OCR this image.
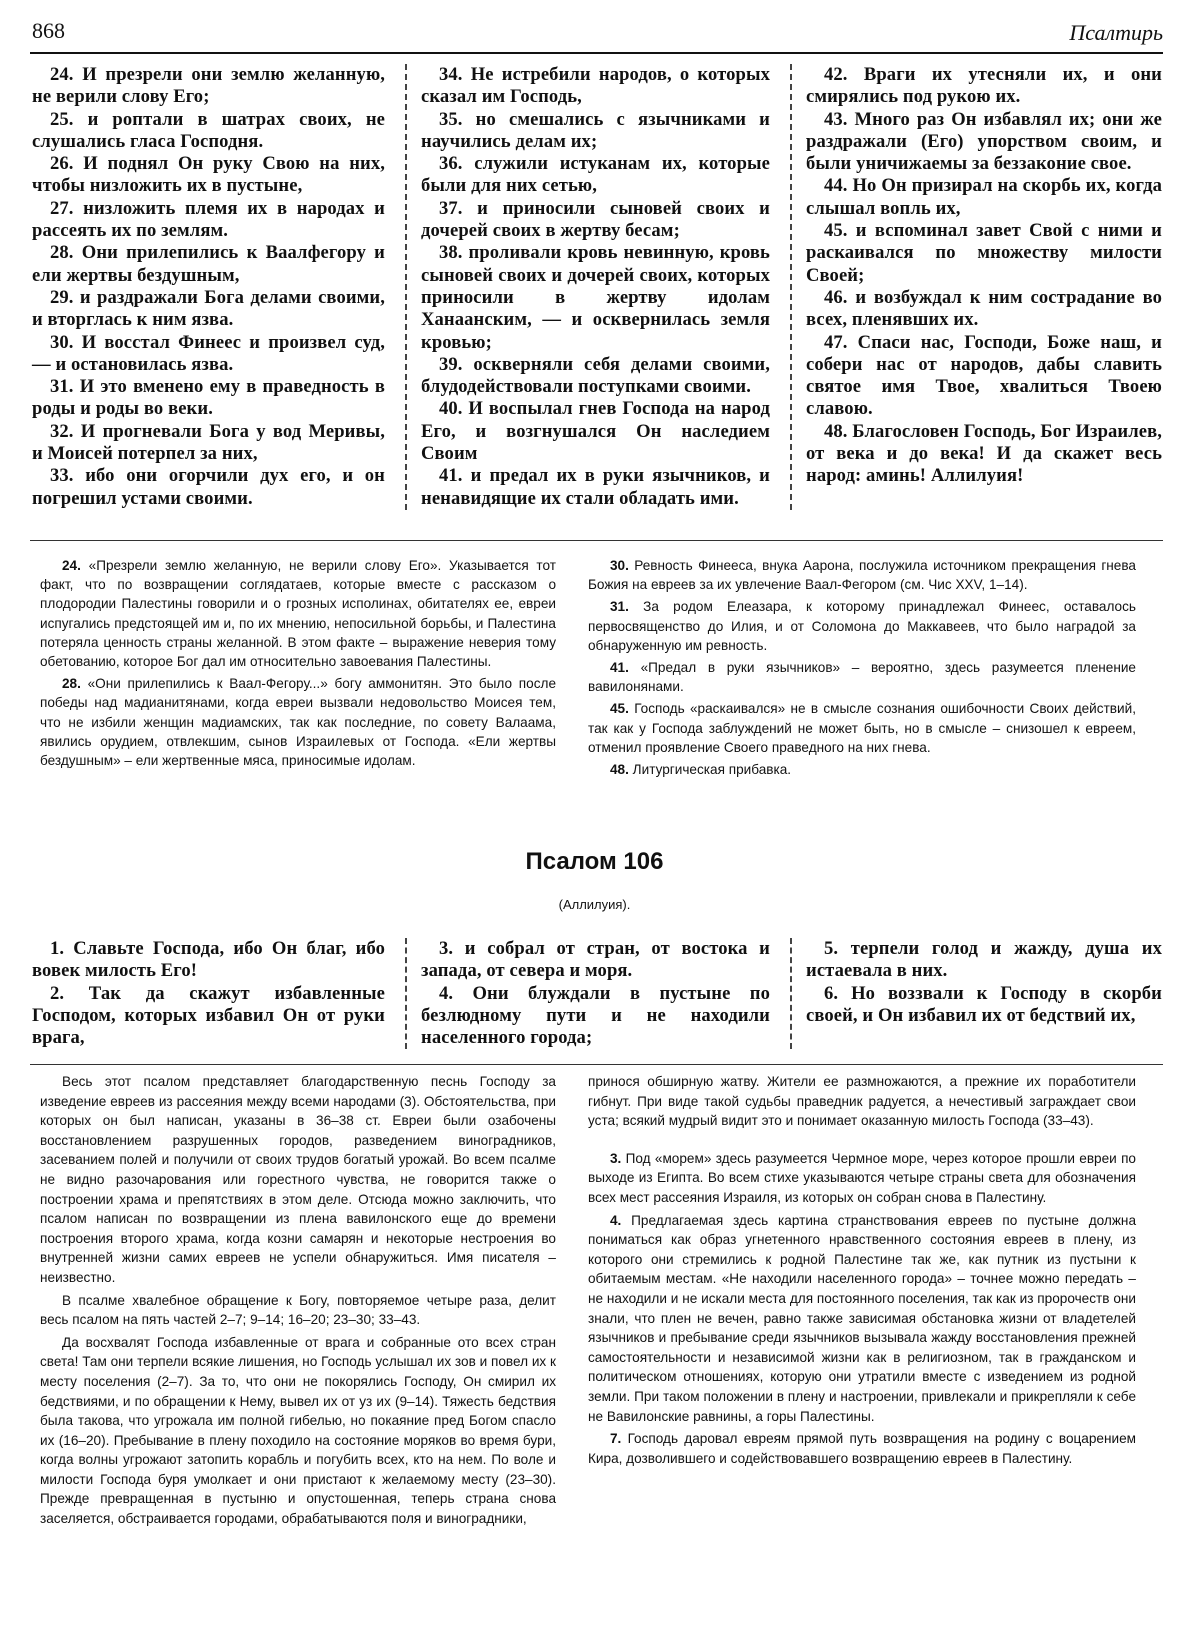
868	Псалтирь

24. И презрели они землю желанную, не верили слову Его;

25. и роптали в шатрах своих, не слушались гласа Господня.

26. И поднял Он руку Свою на них, чтобы низложить их в пустыне,

27. низложить племя их в народах и рассеять их по землям.

28. Они прилепились к Ваалфегору и ели жертвы бездушным,

29. и раздражали Бога делами своими, и вторглась к ним язва.

30. И восстал Финеес и произвел суд, — и остановилась язва.

31. И это вменено ему в праведность в роды и роды во веки.

32. И прогневали Бога у вод Меривы, и Моисей потерпел за них,

33. ибо они огорчили дух его, и он погрешил устами своими.

34. Не истребили народов, о которых сказал им Господь,

35. но смешались с язычниками и научились делам их;

36. служили истуканам их, которые были для них сетью,

37. и приносили сыновей своих и дочерей своих в жертву бесам;

38. проливали кровь невинную, кровь сыновей своих и дочерей своих, которых приносили в жертву идолам Ханаанским, — и осквернилась земля кровью;

39. оскверняли себя делами своими, блудодействовали поступками своими.

40. И воспылал гнев Господа на народ Его, и возгнушался Он наследием Своим

41. и предал их в руки язычников, и ненавидящие их стали обладать ими.

42. Враги их утесняли их, и они смирялись под рукою их.

43. Много раз Он избавлял их; они же раздражали (Его) упорством своим, и были уничижаемы за беззаконие свое.

44. Но Он призирал на скорбь их, когда слышал вопль их,

45. и вспоминал завет Свой с ними и раскаивался по множеству милости Своей;

46. и возбуждал к ним сострадание во всех, пленявших их.

47. Спаси нас, Господи, Боже наш, и собери нас от народов, дабы славить святое имя Твое, хвалиться Твоею славою.

48. Благословен Господь, Бог Израилев, от века и до века! И да скажет весь народ: аминь! Аллилуия!

24. «Презрели землю желанную, не верили слову Его». Указывается тот факт, что по возвращении соглядатаев, которые вместе с рассказом о плодородии Палестины говорили и о грозных исполинах, обитателях ее, евреи испугались предстоящей им и, по их мнению, непосильной борьбы, и Палестина потеряла ценность страны желанной. В этом факте – выражение неверия тому обетованию, которое Бог дал им относительно завоевания Палестины.

28. «Они прилепились к Ваал-Фегору...» богу аммонитян. Это было после победы над мадианитянами, когда евреи вызвали недовольство Моисея тем, что не избили женщин мадиамских, так как последние, по совету Валаама, явились орудием, отвлекшим, сынов Израилевых от Господа. «Ели жертвы бездушным» – ели жертвенные мяса, приносимые идолам.

30. Ревность Финееса, внука Аарона, послужила источником прекращения гнева Божия на евреев за их увлечение Ваал-Фегором (см. Чис XXV, 1–14).

31. За родом Елеазара, к которому принадлежал Финеес, оставалось первосвященство до Илия, и от Соломона до Маккавеев, что было наградой за обнаруженную им ревность.

41. «Предал в руки язычников» – вероятно, здесь разумеется пленение вавилонянами.

45. Господь «раскаивался» не в смысле сознания ошибочности Своих действий, так как у Господа заблуждений не может быть, но в смысле – снизошел к евреем, отменил проявление Своего праведного на них гнева.

48. Литургическая прибавка.

Псалом 106
(Аллилуия).

1. Славьте Господа, ибо Он благ, ибо вовек милость Его!

2. Так да скажут избавленные Господом, которых избавил Он от руки врага,

3. и собрал от стран, от востока и запада, от севера и моря.

4. Они блуждали в пустыне по безлюдному пути и не находили населенного города;

5. терпели голод и жажду, душа их истаевала в них.

6. Но воззвали к Господу в скорби своей, и Он избавил их от бедствий их,

Весь этот псалом представляет благодарственную песнь Господу за изведение евреев из рассеяния между всеми народами (3). Обстоятельства, при которых он был написан, указаны в 36–38 ст. Евреи были озабочены восстановлением разрушенных городов, разведением виноградников, засеванием полей и получили от своих трудов богатый урожай. Во всем псалме не видно разочарования или горестного чувства, не говорится также о построении храма и препятствиях в этом деле. Отсюда можно заключить, что псалом написан по возвращении из плена вавилонского еще до времени построения второго храма, когда козни самарян и некоторые нестроения во внутренней жизни самих евреев не успели обнаружиться. Имя писателя – неизвестно.

В псалме хвалебное обращение к Богу, повторяемое четыре раза, делит весь псалом на пять частей 2–7; 9–14; 16–20; 23–30; 33–43.

Да восхвалят Господа избавленные от врага и собранные ото всех стран света! Там они терпели всякие лишения, но Господь услышал их зов и повел их к месту поселения (2–7). За то, что они не покорялись Господу, Он смирил их бедствиями, и по обращении к Нему, вывел их от уз их (9–14). Тяжесть бедствия была такова, что угрожала им полной гибелью, но покаяние пред Богом спасло их (16–20). Пребывание в плену походило на состояние моряков во время бури, когда волны угрожают затопить корабль и погубить всех, кто на нем. По воле и милости Господа буря умолкает и они пристают к желаемому месту (23–30). Прежде превращенная в пустыню и опустошенная, теперь страна снова заселяется, обстраивается городами, обрабатываются поля и виноградники,

принося обширную жатву. Жители ее размножаются, а прежние их поработители гибнут. При виде такой судьбы праведник радуется, а нечестивый заграждает свои уста; всякий мудрый видит это и понимает оказанную милость Господа (33–43).

3. Под «морем» здесь разумеется Чермное море, через которое прошли евреи по выходе из Египта. Во всем стихе указываются четыре страны света для обозначения всех мест рассеяния Израиля, из которых он собран снова в Палестину.

4. Предлагаемая здесь картина странствования евреев по пустыне должна пониматься как образ угнетенного нравственного состояния евреев в плену, из которого они стремились к родной Палестине так же, как путник из пустыни к обитаемым местам. «Не находили населенного города» – точнее можно передать – не находили и не искали места для постоянного поселения, так как из пророчеств они знали, что плен не вечен, равно также зависимая обстановка жизни от владетелей язычников и пребывание среди язычников вызывала жажду восстановления прежней самостоятельности и независимой жизни как в религиозном, так в гражданском и политическом отношениях, которую они утратили вместе с изведением из родной земли. При таком положении в плену и настроении, привлекали и прикрепляли к себе не Вавилонские равнины, а горы Палестины.

7. Господь даровал евреям прямой путь возвращения на родину с воцарением Кира, дозволившего и содействовавшего возвращению евреев в Палестину.
